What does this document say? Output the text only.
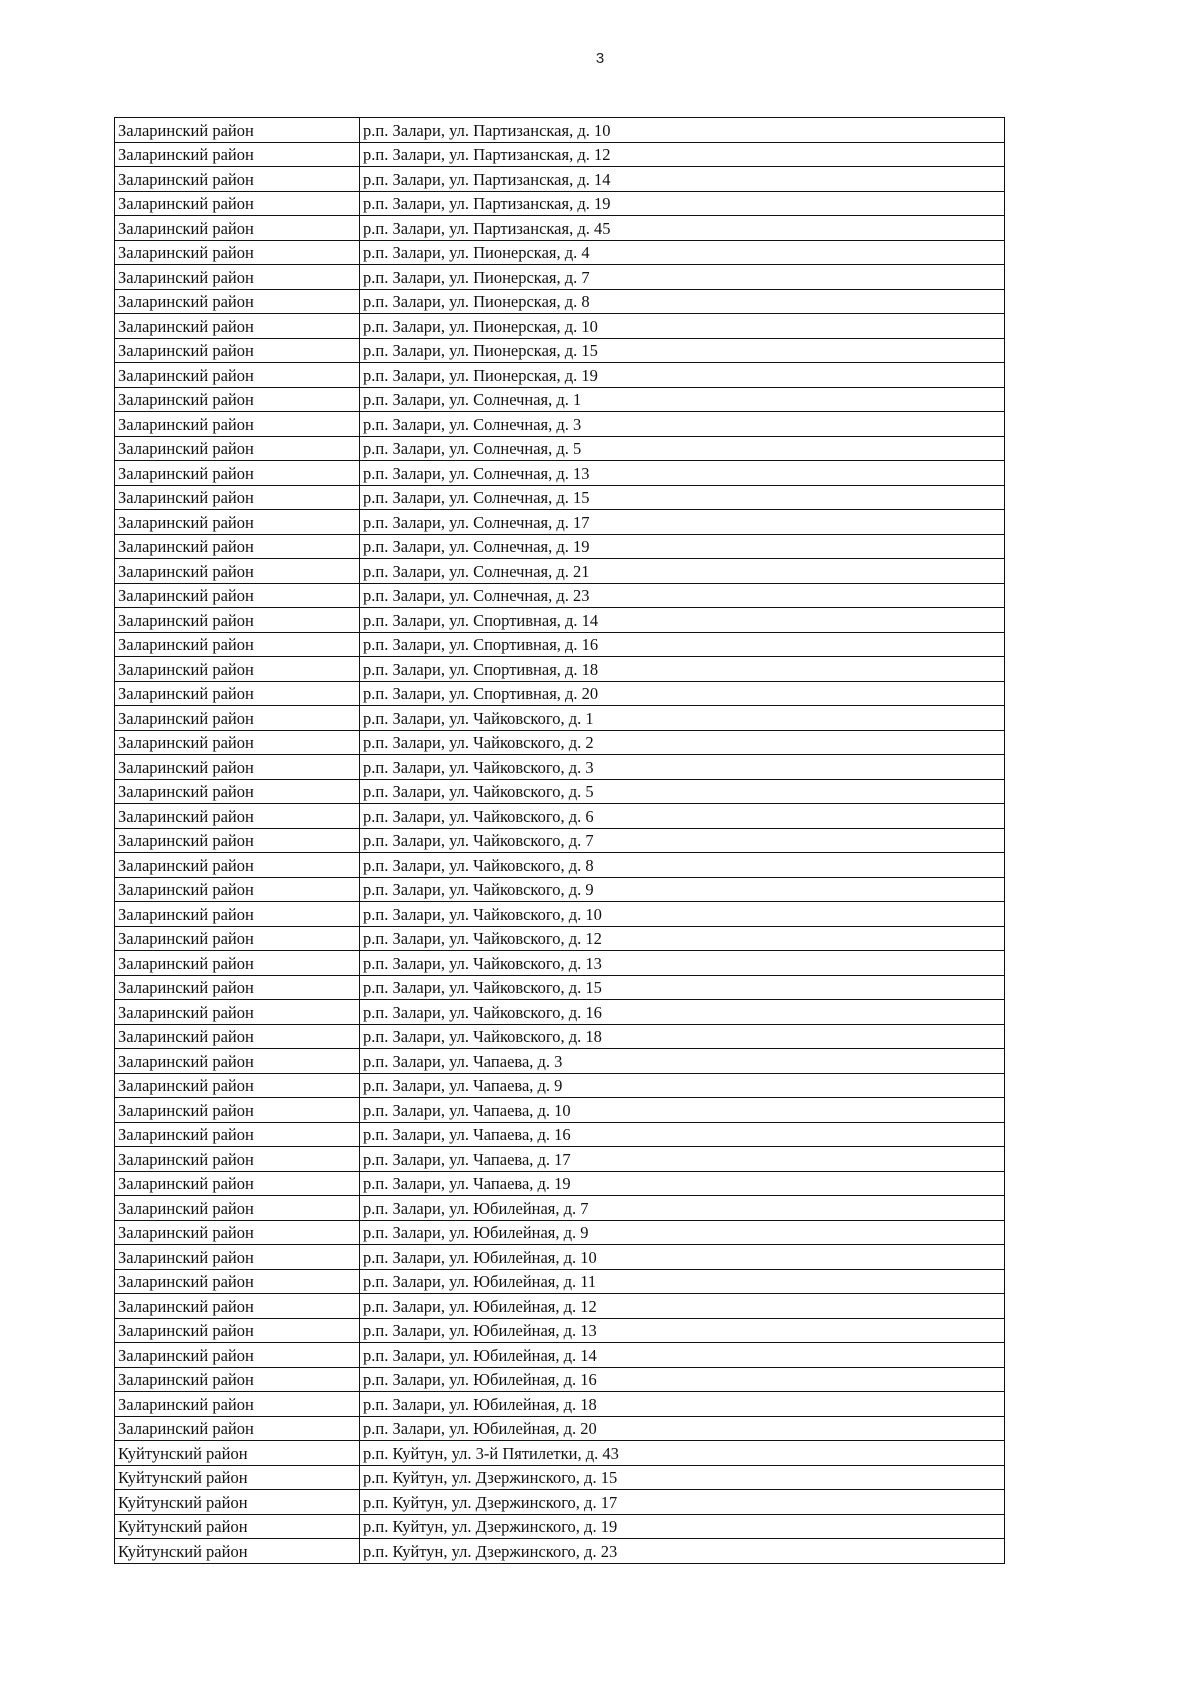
3
Заларинский район	р.п. Залари, ул. Партизанская, д. 10
Заларинский район	р.п. Залари, ул. Партизанская, д. 12
Заларинский район	р.п. Залари, ул. Партизанская, д. 14
Заларинский район	р.п. Залари, ул. Партизанская, д. 19
Заларинский район	р.п. Залари, ул. Партизанская, д. 45
Заларинский район	р.п. Залари, ул. Пионерская, д. 4
Заларинский район	р.п. Залари, ул. Пионерская, д. 7
Заларинский район	р.п. Залари, ул. Пионерская, д. 8
Заларинский район	р.п. Залари, ул. Пионерская, д. 10
Заларинский район	р.п. Залари, ул. Пионерская, д. 15
Заларинский район	р.п. Залари, ул. Пионерская, д. 19
Заларинский район	р.п. Залари, ул. Солнечная, д. 1
Заларинский район	р.п. Залари, ул. Солнечная, д. 3
Заларинский район	р.п. Залари, ул. Солнечная, д. 5
Заларинский район	р.п. Залари, ул. Солнечная, д. 13
Заларинский район	р.п. Залари, ул. Солнечная, д. 15
Заларинский район	р.п. Залари, ул. Солнечная, д. 17
Заларинский район	р.п. Залари, ул. Солнечная, д. 19
Заларинский район	р.п. Залари, ул. Солнечная, д. 21
Заларинский район	р.п. Залари, ул. Солнечная, д. 23
Заларинский район	р.п. Залари, ул. Спортивная, д. 14
Заларинский район	р.п. Залари, ул. Спортивная, д. 16
Заларинский район	р.п. Залари, ул. Спортивная, д. 18
Заларинский район	р.п. Залари, ул. Спортивная, д. 20
Заларинский район	р.п. Залари, ул. Чайковского, д. 1
Заларинский район	р.п. Залари, ул. Чайковского, д. 2
Заларинский район	р.п. Залари, ул. Чайковского, д. 3
Заларинский район	р.п. Залари, ул. Чайковского, д. 5
Заларинский район	р.п. Залари, ул. Чайковского, д. 6
Заларинский район	р.п. Залари, ул. Чайковского, д. 7
Заларинский район	р.п. Залари, ул. Чайковского, д. 8
Заларинский район	р.п. Залари, ул. Чайковского, д. 9
Заларинский район	р.п. Залари, ул. Чайковского, д. 10
Заларинский район	р.п. Залари, ул. Чайковского, д. 12
Заларинский район	р.п. Залари, ул. Чайковского, д. 13
Заларинский район	р.п. Залари, ул. Чайковского, д. 15
Заларинский район	р.п. Залари, ул. Чайковского, д. 16
Заларинский район	р.п. Залари, ул. Чайковского, д. 18
Заларинский район	р.п. Залари, ул. Чапаева, д. 3
Заларинский район	р.п. Залари, ул. Чапаева, д. 9
Заларинский район	р.п. Залари, ул. Чапаева, д. 10
Заларинский район	р.п. Залари, ул. Чапаева, д. 16
Заларинский район	р.п. Залари, ул. Чапаева, д. 17
Заларинский район	р.п. Залари, ул. Чапаева, д. 19
Заларинский район	р.п. Залари, ул. Юбилейная, д. 7
Заларинский район	р.п. Залари, ул. Юбилейная, д. 9
Заларинский район	р.п. Залари, ул. Юбилейная, д. 10
Заларинский район	р.п. Залари, ул. Юбилейная, д. 11
Заларинский район	р.п. Залари, ул. Юбилейная, д. 12
Заларинский район	р.п. Залари, ул. Юбилейная, д. 13
Заларинский район	р.п. Залари, ул. Юбилейная, д. 14
Заларинский район	р.п. Залари, ул. Юбилейная, д. 16
Заларинский район	р.п. Залари, ул. Юбилейная, д. 18
Заларинский район	р.п. Залари, ул. Юбилейная, д. 20
Куйтунский район	р.п. Куйтун, ул. 3-й Пятилетки, д. 43
Куйтунский район	р.п. Куйтун, ул. Дзержинского, д. 15
Куйтунский район	р.п. Куйтун, ул. Дзержинского, д. 17
Куйтунский район	р.п. Куйтун, ул. Дзержинского, д. 19
Куйтунский район	р.п. Куйтун, ул. Дзержинского, д. 23
